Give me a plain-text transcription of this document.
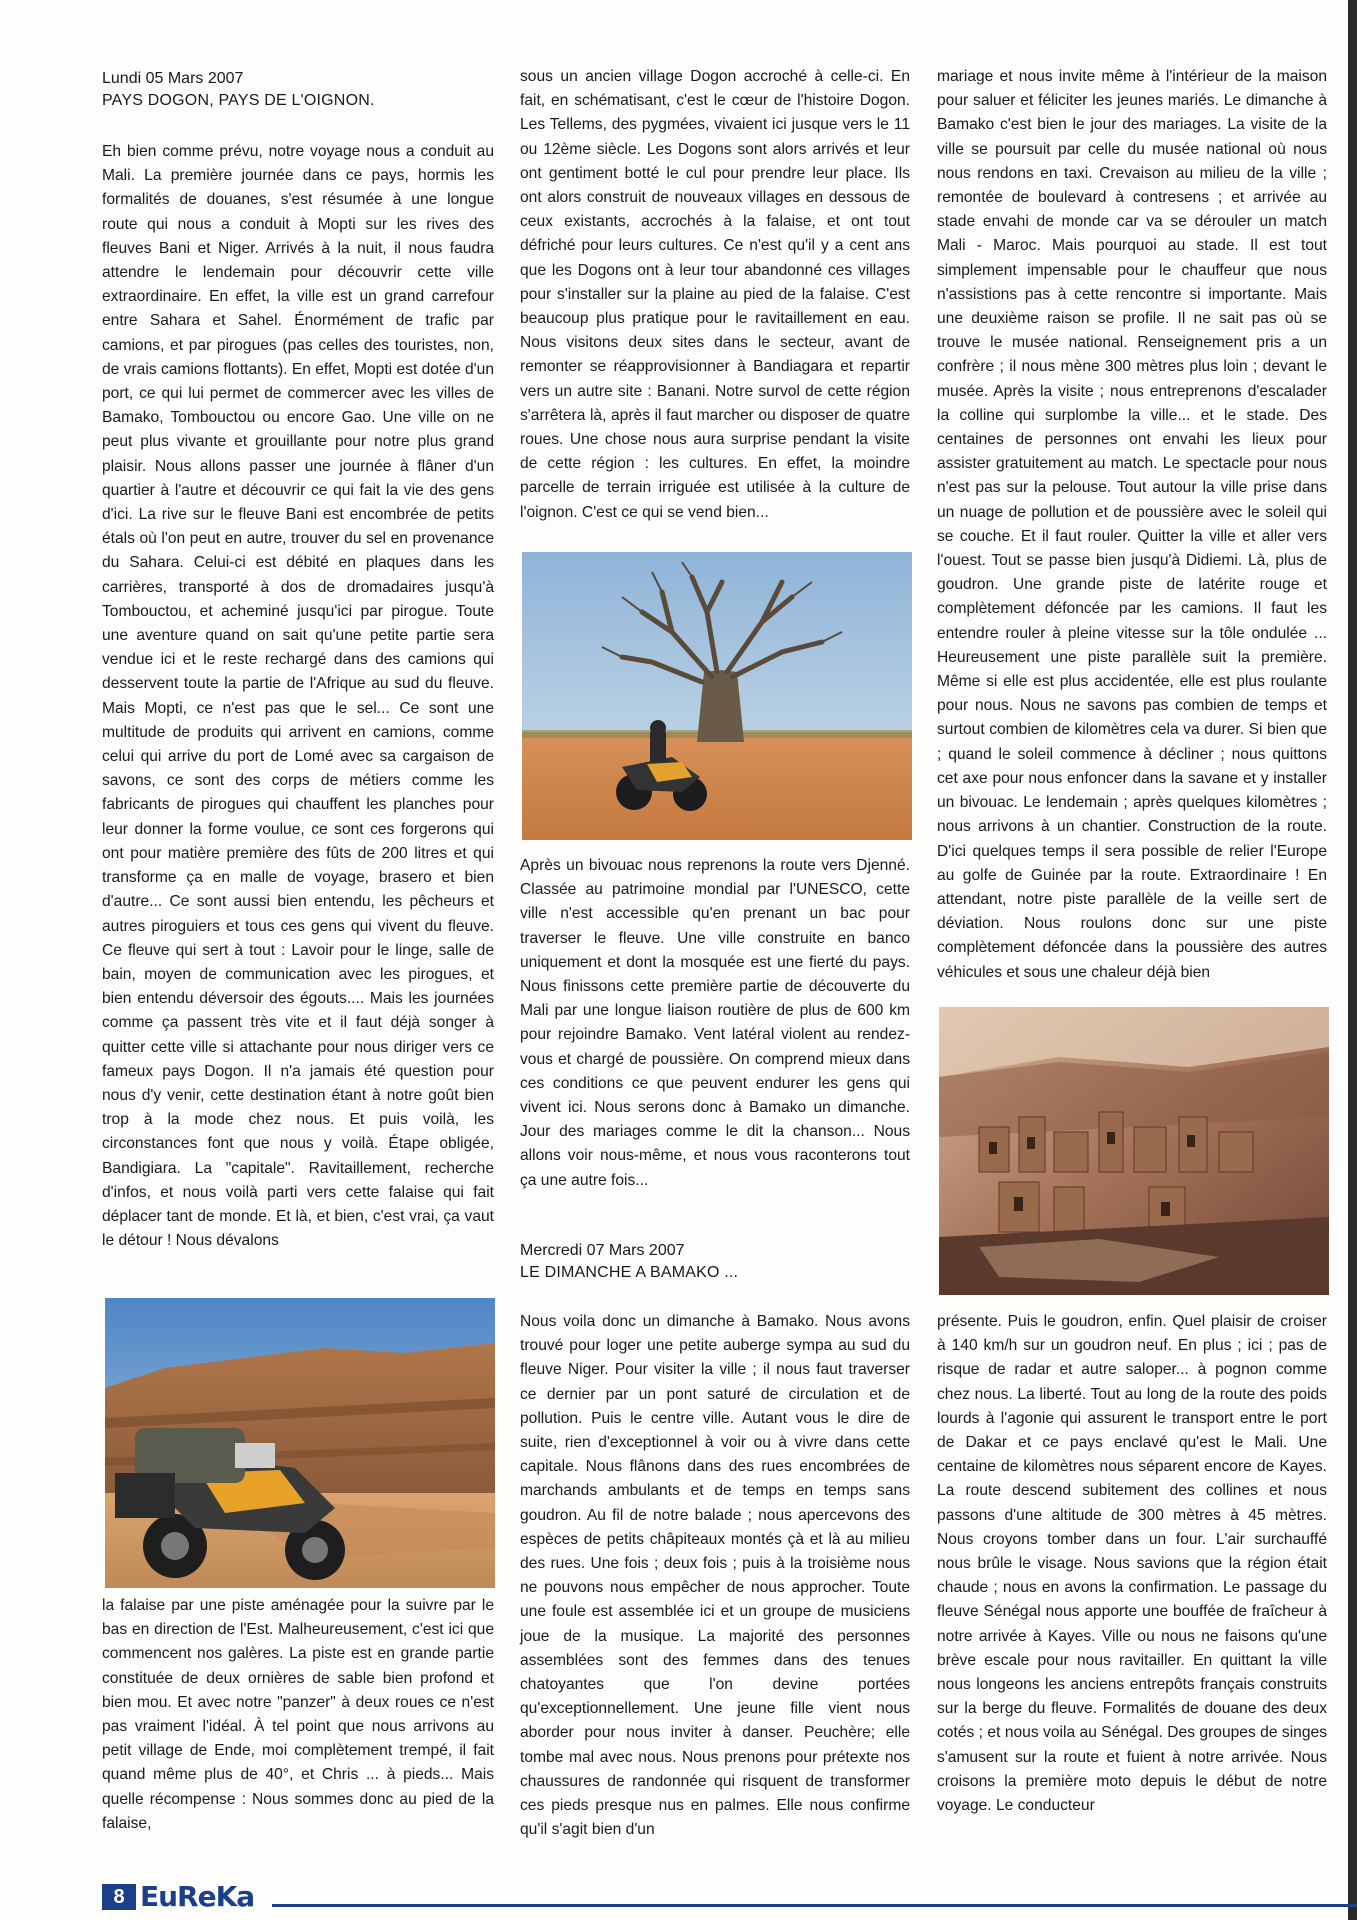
Lundi 05 Mars 2007
PAYS DOGON, PAYS DE L'OIGNON.

Eh bien comme prévu, notre voyage nous a conduit au Mali. La première journée dans ce pays, hormis les formalités de douanes, s'est résumée à une longue route qui nous a conduit à Mopti sur les rives des fleuves Bani et Niger. Arrivés à la nuit, il nous faudra attendre le lendemain pour découvrir cette ville extraordinaire. En effet, la ville est un grand carrefour entre Sahara et Sahel. Énormément de trafic par camions, et par pirogues (pas celles des touristes, non, de vrais camions flottants). En effet, Mopti est dotée d'un port, ce qui lui permet de commercer avec les villes de Bamako, Tombouctou ou encore Gao. Une ville on ne peut plus vivante et grouillante pour notre plus grand plaisir. Nous allons passer une journée à flâner d'un quartier à l'autre et découvrir ce qui fait la vie des gens d'ici. La rive sur le fleuve Bani est encombrée de petits étals où l'on peut en autre, trouver du sel en provenance du Sahara. Celui-ci est débité en plaques dans les carrières, transporté à dos de dromadaires jusqu'à Tombouctou, et acheminé jusqu'ici par pirogue. Toute une aventure quand on sait qu'une petite partie sera vendue ici et le reste rechargé dans des camions qui desservent toute la partie de l'Afrique au sud du fleuve. Mais Mopti, ce n'est pas que le sel... Ce sont une multitude de produits qui arrivent en camions, comme celui qui arrive du port de Lomé avec sa cargaison de savons, ce sont des corps de métiers comme les fabricants de pirogues qui chauffent les planches pour leur donner la forme voulue, ce sont ces forgerons qui ont pour matière première des fûts de 200 litres et qui transforme ça en malle de voyage, brasero et bien d'autre... Ce sont aussi bien entendu, les pêcheurs et autres piroguiers et tous ces gens qui vivent du fleuve. Ce fleuve qui sert à tout : Lavoir pour le linge, salle de bain, moyen de communication avec les pirogues, et bien entendu déversoir des égouts.... Mais les journées comme ça passent très vite et il faut déjà songer à quitter cette ville si attachante pour nous diriger vers ce fameux pays Dogon. Il n'a jamais été question pour nous d'y venir, cette destination étant à notre goût bien trop à la mode chez nous. Et puis voilà, les circonstances font que nous y voilà. Étape obligée, Bandigiara. La "capitale". Ravitaillement, recherche d'infos, et nous voilà parti vers cette falaise qui fait déplacer tant de monde. Et là, et bien, c'est vrai, ça vaut le détour ! Nous dévalons

la falaise par une piste aménagée pour la suivre par le bas en direction de l'Est. Malheureusement, c'est ici que commencent nos galères. La piste est en grande partie constituée de deux ornières de sable bien profond et bien mou. Et avec notre "panzer" à deux roues ce n'est pas vraiment l'idéal. À tel point que nous arrivons au petit village de Ende, moi complètement trempé, il fait quand même plus de 40°, et Chris ... à pieds... Mais quelle récompense : Nous sommes donc au pied de la falaise,

sous un ancien village Dogon accroché à celle-ci. En fait, en schématisant, c'est le cœur de l'histoire Dogon. Les Tellems, des pygmées, vivaient ici jusque vers le 11 ou 12ème siècle. Les Dogons sont alors arrivés et leur ont gentiment botté le cul pour prendre leur place. Ils ont alors construit de nouveaux villages en dessous de ceux existants, accrochés à la falaise, et ont tout défriché pour leurs cultures. Ce n'est qu'il y a cent ans que les Dogons ont à leur tour abandonné ces villages pour s'installer sur la plaine au pied de la falaise. C'est beaucoup plus pratique pour le ravitaillement en eau. Nous visitons deux sites dans le secteur, avant de remonter se réapprovisionner à Bandiagara et repartir vers un autre site : Banani. Notre survol de cette région s'arrêtera là, après il faut marcher ou disposer de quatre roues. Une chose nous aura surprise pendant la visite de cette région : les cultures. En effet, la moindre parcelle de terrain irriguée est utilisée à la culture de l'oignon. C'est ce qui se vend bien...

Après un bivouac nous reprenons la route vers Djenné. Classée au patrimoine mondial par l'UNESCO, cette ville n'est accessible qu'en prenant un bac pour traverser le fleuve. Une ville construite en banco uniquement et dont la mosquée est une fierté du pays. Nous finissons cette première partie de découverte du Mali par une longue liaison routière de plus de 600 km pour rejoindre Bamako. Vent latéral violent au rendez-vous et chargé de poussière. On comprend mieux dans ces conditions ce que peuvent endurer les gens qui vivent ici. Nous serons donc à Bamako un dimanche. Jour des mariages comme le dit la chanson... Nous allons voir nous-même, et nous vous raconterons tout ça une autre fois...

Mercredi 07 Mars 2007
LE DIMANCHE A BAMAKO ...

Nous voila donc un dimanche à Bamako. Nous avons trouvé pour loger une petite auberge sympa au sud du fleuve Niger. Pour visiter la ville ; il nous faut traverser ce dernier par un pont saturé de circulation et de pollution. Puis le centre ville. Autant vous le dire de suite, rien d'exceptionnel à voir ou à vivre dans cette capitale. Nous flânons dans des rues encombrées de marchands ambulants et de temps en temps sans goudron. Au fil de notre balade ; nous apercevons des espèces de petits châpiteaux montés çà et là au milieu des rues. Une fois ; deux fois ; puis à la troisième nous ne pouvons nous empêcher de nous approcher. Toute une foule est assemblée ici et un groupe de musiciens joue de la musique. La majorité des personnes assemblées sont des femmes dans des tenues chatoyantes que l'on devine portées qu'exceptionnellement. Une jeune fille vient nous aborder pour nous inviter à danser. Peuchère; elle tombe mal avec nous. Nous prenons pour prétexte nos chaussures de randonnée qui risquent de transformer ces pieds presque nus en palmes. Elle nous confirme qu'il s'agit bien d'un

mariage et nous invite même à l'intérieur de la maison pour saluer et féliciter les jeunes mariés. Le dimanche à Bamako c'est bien le jour des mariages. La visite de la ville se poursuit par celle du musée national où nous nous rendons en taxi. Crevaison au milieu de la ville ; remontée de boulevard à contresens ; et arrivée au stade envahi de monde car va se dérouler un match Mali - Maroc. Mais pourquoi au stade. Il est tout simplement impensable pour le chauffeur que nous n'assistions pas à cette rencontre si importante. Mais une deuxième raison se profile. Il ne sait pas où se trouve le musée national. Renseignement pris a un confrère ; il nous mène 300 mètres plus loin ; devant le musée. Après la visite ; nous entreprenons d'escalader la colline qui surplombe la ville... et le stade. Des centaines de personnes ont envahi les lieux pour assister gratuitement au match. Le spectacle pour nous n'est pas sur la pelouse. Tout autour la ville prise dans un nuage de pollution et de poussière avec le soleil qui se couche. Et il faut rouler. Quitter la ville et aller vers l'ouest. Tout se passe bien jusqu'à Didiemi. Là, plus de goudron. Une grande piste de latérite rouge et complètement défoncée par les camions. Il faut les entendre rouler à pleine vitesse sur la tôle ondulée ... Heureusement une piste parallèle suit la première. Même si elle est plus accidentée, elle est plus roulante pour nous. Nous ne savons pas combien de temps et surtout combien de kilomètres cela va durer. Si bien que ; quand le soleil commence à décliner ; nous quittons cet axe pour nous enfoncer dans la savane et y installer un bivouac. Le lendemain ; après quelques kilomètres ; nous arrivons à un chantier. Construction de la route. D'ici quelques temps il sera possible de relier l'Europe au golfe de Guinée par la route. Extraordinaire ! En attendant, notre piste parallèle de la veille sert de déviation. Nous roulons donc sur une piste complètement défoncée dans la poussière des autres véhicules et sous une chaleur déjà bien

présente. Puis le goudron, enfin. Quel plaisir de croiser à 140 km/h sur un goudron neuf. En plus ; ici ; pas de risque de radar et autre saloper... à pognon comme chez nous. La liberté. Tout au long de la route des poids lourds à l'agonie qui assurent le transport entre le port de Dakar et ce pays enclavé qu'est le Mali. Une centaine de kilomètres nous séparent encore de Kayes. La route descend subitement des collines et nous passons d'une altitude de 300 mètres à 45 mètres. Nous croyons tomber dans un four. L'air surchauffé nous brûle le visage. Nous savions que la région était chaude ; nous en avons la confirmation. Le passage du fleuve Sénégal nous apporte une bouffée de fraîcheur à notre arrivée à Kayes. Ville ou nous ne faisons qu'une brève escale pour nous ravitailler. En quittant la ville nous longeons les anciens entrepôts français construits sur la berge du fleuve. Formalités de douane des deux cotés ; et nous voila au Sénégal. Des groupes de singes s'amusent sur la route et fuient à notre arrivée. Nous croisons la première moto depuis le début de notre voyage. Le conducteur

8 EuReKa
